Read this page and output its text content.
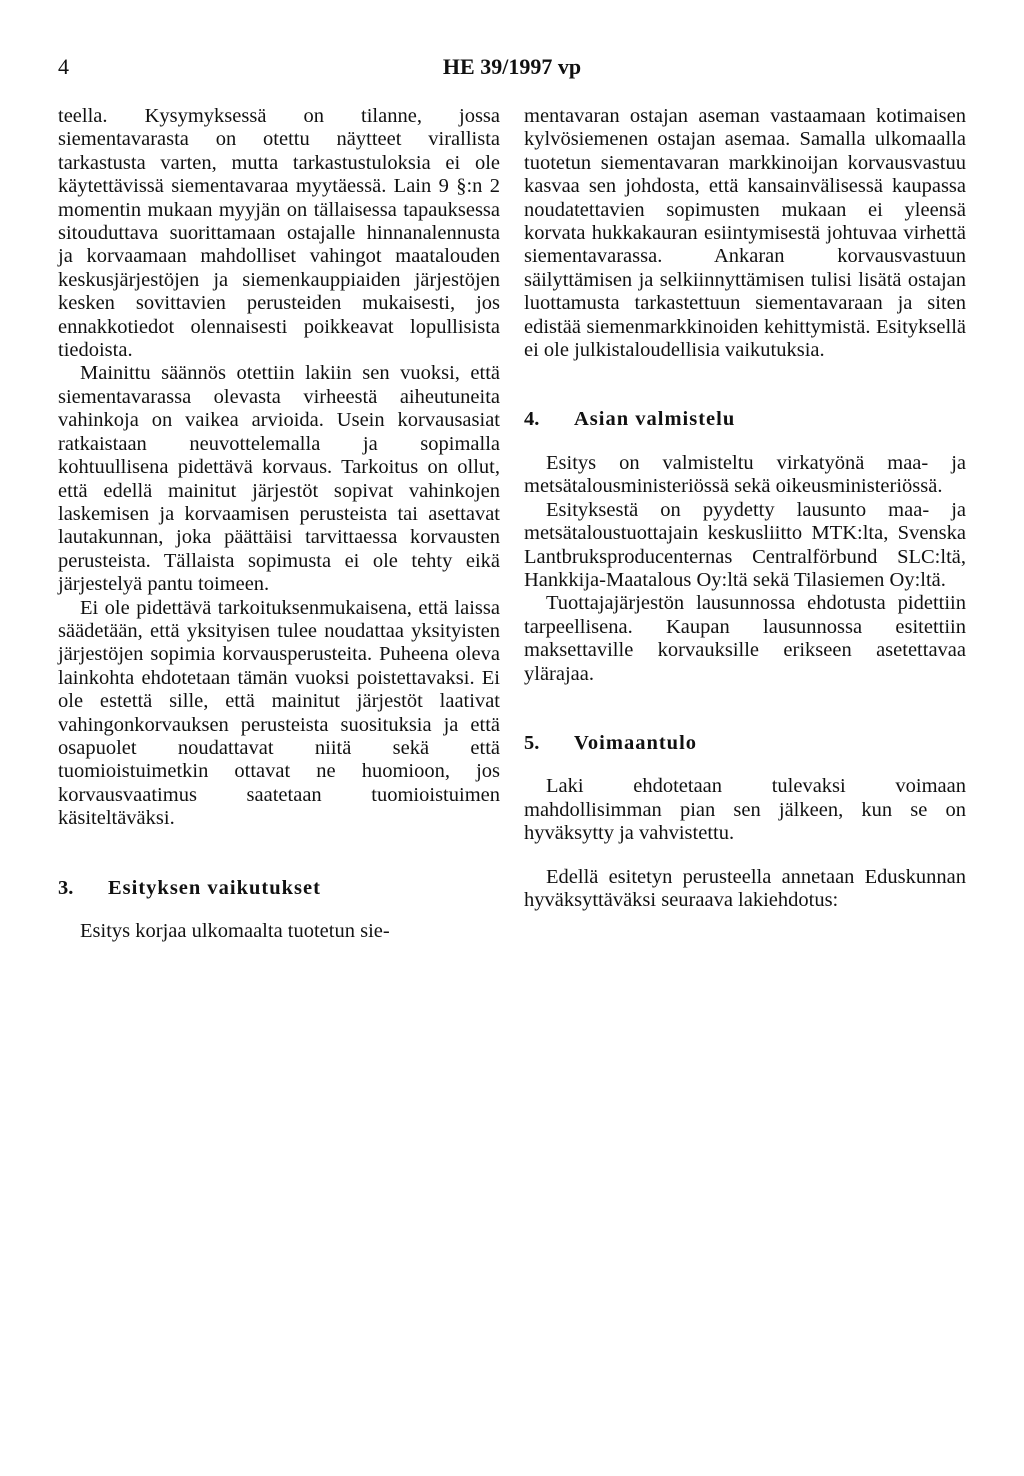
4	HE 39/1997 vp

teella. Kysymyksessä on tilanne, jossa siementavarasta on otettu näytteet virallista tarkastusta varten, mutta tarkastustuloksia ei ole käytettävissä siementavaraa myytäessä. Lain 9 §:n 2 momentin mukaan myyjän on tällaisessa tapauksessa sitouduttava suorittamaan ostajalle hinnanalennusta ja korvaamaan mahdolliset vahingot maatalouden keskusjärjestöjen ja siemenkauppiaiden järjestöjen kesken sovittavien perusteiden mukaisesti, jos ennakkotiedot olennaisesti poikkeavat lopullisista tiedoista.

Mainittu säännös otettiin lakiin sen vuoksi, että siementavarassa olevasta virheestä aiheutuneita vahinkoja on vaikea arvioida. Usein korvausasiat ratkaistaan neuvottelemalla ja sopimalla kohtuullisena pidettävä korvaus. Tarkoitus on ollut, että edellä mainitut järjestöt sopivat vahinkojen laskemisen ja korvaamisen perusteista tai asettavat lautakunnan, joka päättäisi tarvittaessa korvausten perusteista. Tällaista sopimusta ei ole tehty eikä järjestelyä pantu toimeen.

Ei ole pidettävä tarkoituksenmukaisena, että laissa säädetään, että yksityisen tulee noudattaa yksityisten järjestöjen sopimia korvausperusteita. Puheena oleva lainkohta ehdotetaan tämän vuoksi poistettavaksi. Ei ole estettä sille, että mainitut järjestöt laativat vahingonkorvauksen perusteista suosituksia ja että osapuolet noudattavat niitä sekä että tuomioistuimetkin ottavat ne huomioon, jos korvausvaatimus saatetaan tuomioistuimen käsiteltäväksi.

3.	Esityksen vaikutukset

Esitys korjaa ulkomaalta tuotetun sie-

mentavaran ostajan aseman vastaamaan kotimaisen kylvösiemenen ostajan asemaa. Samalla ulkomaalla tuotetun siementavaran markkinoijan korvausvastuu kasvaa sen johdosta, että kansainvälisessä kaupassa noudatettavien sopimusten mukaan ei yleensä korvata hukkakauran esiintymisestä johtuvaa virhettä siementavarassa. Ankaran korvausvastuun säilyttämisen ja selkiinnyttämisen tulisi lisätä ostajan luottamusta tarkastettuun siementavaraan ja siten edistää siemenmarkkinoiden kehittymistä. Esityksellä ei ole julkistaloudellisia vaikutuksia.

4.	Asian valmistelu

Esitys on valmisteltu virkatyönä maa- ja metsätalousministeriössä sekä oikeusministeriössä.

Esityksestä on pyydetty lausunto maa- ja metsätaloustuottajain keskusliitto MTK:lta, Svenska Lantbruksproducenternas Centralförbund SLC:ltä, Hankkija-Maatalous Oy:ltä sekä Tilasiemen Oy:ltä.

Tuottajajärjestön lausunnossa ehdotusta pidettiin tarpeellisena. Kaupan lausunnossa esitettiin maksettaville korvauksille erikseen asetettavaa ylärajaa.

5.	Voimaantulo

Laki ehdotetaan tulevaksi voimaan mahdollisimman pian sen jälkeen, kun se on hyväksytty ja vahvistettu.

Edellä esitetyn perusteella annetaan Eduskunnan hyväksyttäväksi seuraava lakiehdotus:
